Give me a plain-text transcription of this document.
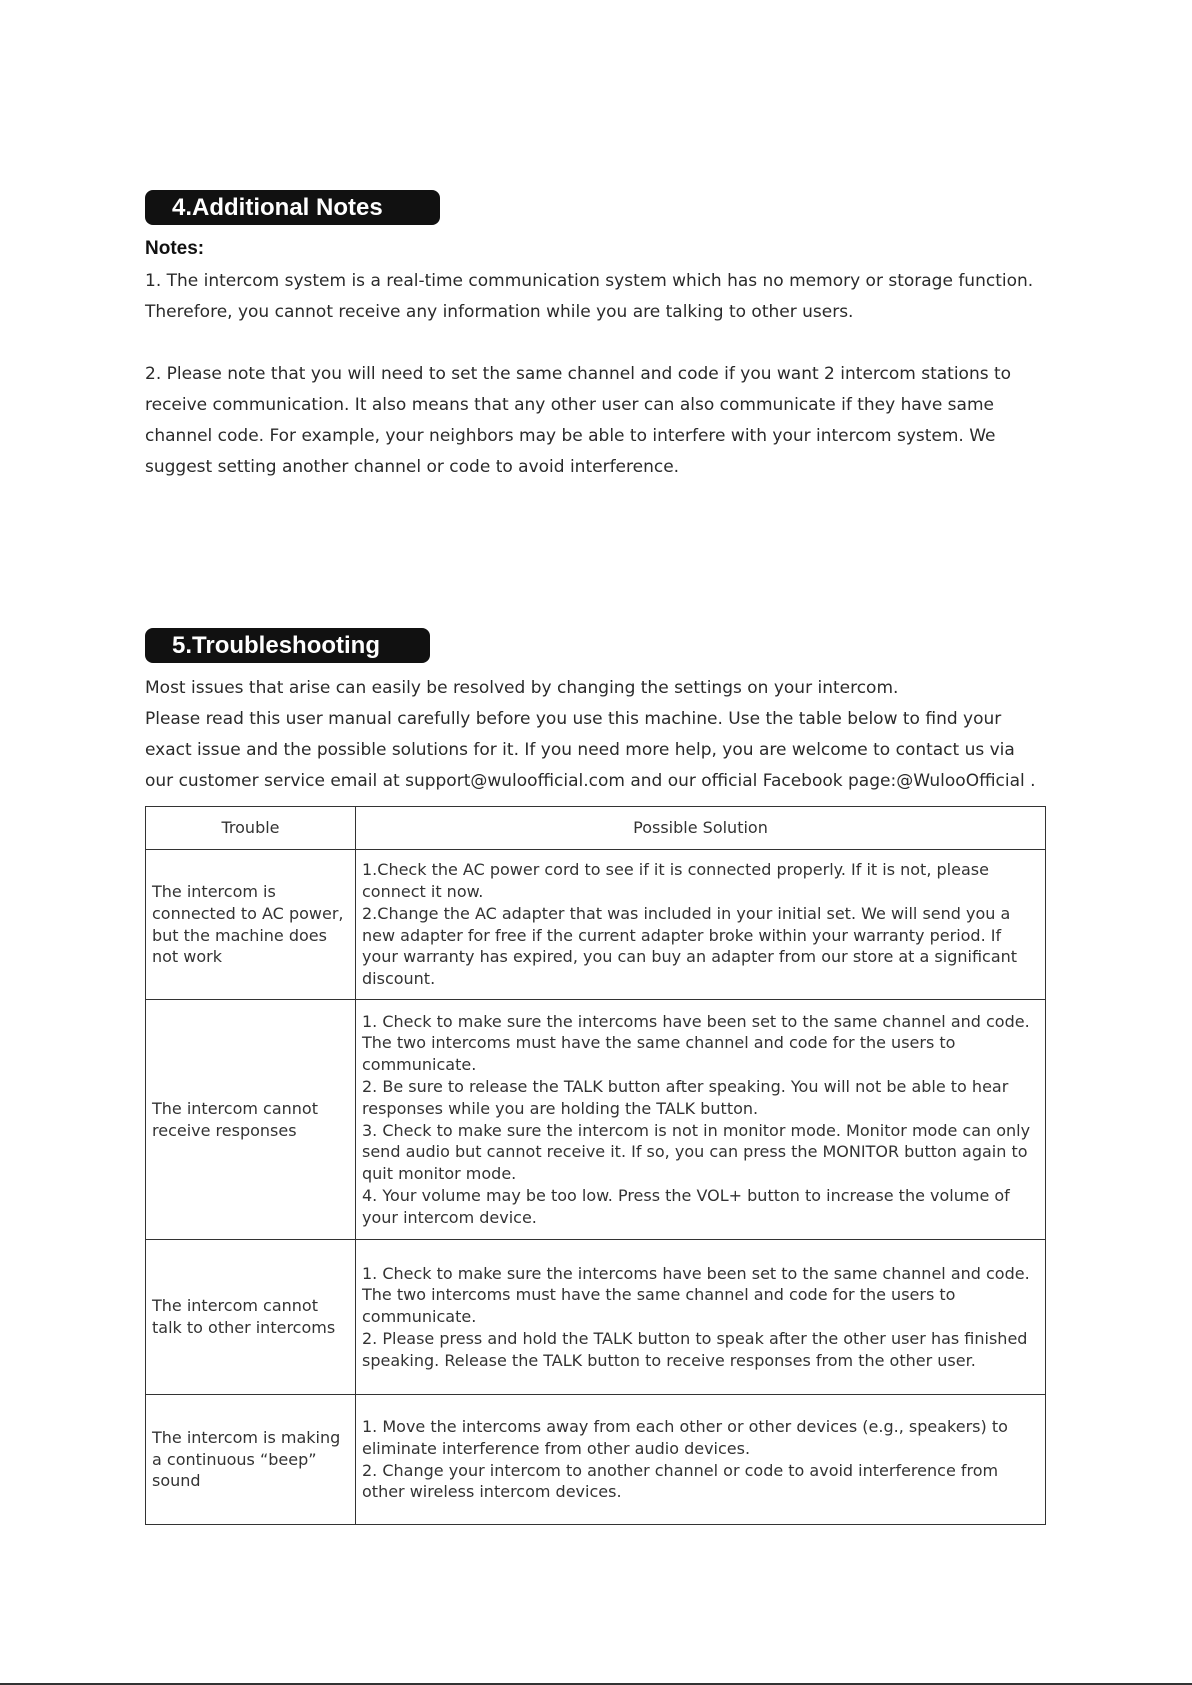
4.Additional Notes
Notes:

1. The intercom system is a real-time communication system which has no memory or storage function. Therefore, you cannot receive any information while you are talking to other users.

2. Please note that you will need to set the same channel and code if you want 2 intercom stations to receive communication. It also means that any other user can also communicate if they have same channel code. For example, your neighbors may be able to interfere with your intercom system. We suggest setting another channel or code to avoid interference.

5.Troubleshooting
Most issues that arise can easily be resolved by changing the settings on your intercom.
Please read this user manual carefully before you use this machine. Use the table below to find your exact issue and the possible solutions for it. If you need more help, you are welcome to contact us via our customer service email at support@wuloofficial.com and our official Facebook page:@WulooOfficial .
Trouble	Possible Solution
The intercom is connected to AC power, but the machine does not work	1.Check the AC power cord to see if it is connected properly. If it is not, please connect it now.
2.Change the AC adapter that was included in your initial set. We will send you a new adapter for free if the current adapter broke within your warranty period. If your warranty has expired, you can buy an adapter from our store at a significant discount.

The intercom cannot receive responses	1. Check to make sure the intercoms have been set to the same channel and code. The two intercoms must have the same channel and code for the users to communicate.
2. Be sure to release the TALK button after speaking. You will not be able to hear responses while you are holding the TALK button.
3. Check to make sure the intercom is not in monitor mode. Monitor mode can only send audio but cannot receive it. If so, you can press the MONITOR button again to quit monitor mode.
4. Your volume may be too low. Press the VOL+ button to increase the volume of your intercom device.

The intercom cannot talk to other intercoms	1. Check to make sure the intercoms have been set to the same channel and code. The two intercoms must have the same channel and code for the users to communicate.
2. Please press and hold the TALK button to speak after the other user has finished speaking. Release the TALK button to receive responses from the other user.

The intercom is making a continuous “beep” sound	1. Move the intercoms away from each other or other devices (e.g., speakers) to eliminate interference from other audio devices.
2. Change your intercom to another channel or code to avoid interference from other wireless intercom devices.
